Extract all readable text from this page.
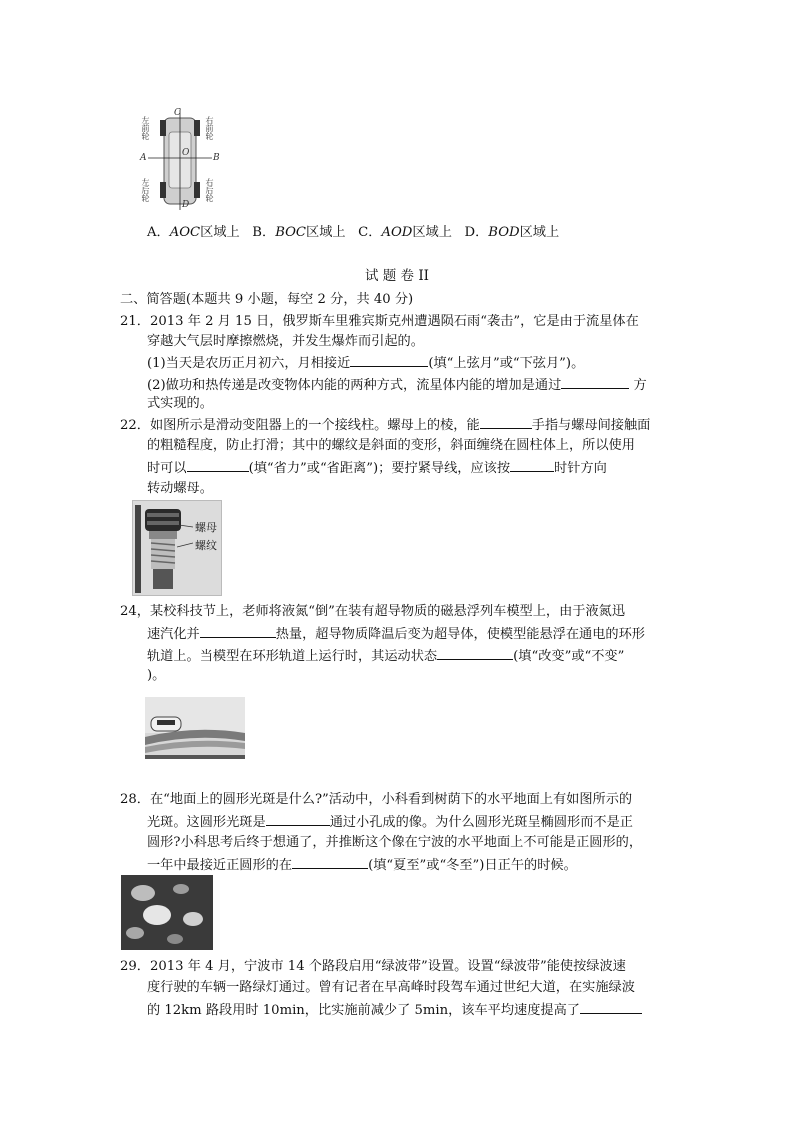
左前轮	右前轮
左后轮	右后轮
C
D
A	B
O
A．AOC区域上 B．BOC区域上 C．AOD区域上 D．BOD区域上
试 题 卷 II
二、简答题(本题共 9 小题，每空 2 分，共 40 分)
21．2013 年 2 月 15 日，俄罗斯车里雅宾斯克州遭遇陨石雨“袭击”，它是由于流星体在
穿越大气层时摩擦燃烧，并发生爆炸而引起的。
(1)当天是农历正月初六，月相接近	(填“上弦月”或“下弦月”)。
(2)做功和热传递是改变物体内能的两种方式，流星体内能的增加是通过	方
式实现的。
22．如图所示是滑动变阻器上的一个接线柱。螺母上的棱，能	手指与螺母间接触面
的粗糙程度，防止打滑；其中的螺纹是斜面的变形，斜面缠绕在圆柱体上，所以使用
时可以	(填“省力”或“省距离”)；要拧紧导线，应该按	时针方向
转动螺母。
螺母
螺纹
24，某校科技节上，老师将液氮“倒”在装有超导物质的磁悬浮列车模型上，由于液氮迅
速汽化并	热量，超导物质降温后变为超导体，使模型能悬浮在通电的环形
轨道上。当模型在环形轨道上运行时，其运动状态	(填“改变”或“不变”
)。
28．在“地面上的圆形光斑是什么?”活动中，小科看到树荫下的水平地面上有如图所示的
光斑。这圆形光斑是	通过小孔成的像。为什么圆形光斑呈椭圆形而不是正
圆形?小科思考后终于想通了，并推断这个像在宁波的水平地面上不可能是正圆形的，
一年中最接近正圆形的在	(填“夏至”或“冬至”)日正午的时候。
29．2013 年 4 月，宁波市 14 个路段启用“绿波带”设置。设置“绿波带”能使按绿波速
度行驶的车辆一路绿灯通过。曾有记者在早高峰时段驾车通过世纪大道，在实施绿波
的 12km 路段用时 10min，比实施前减少了 5min，该车平均速度提高了
